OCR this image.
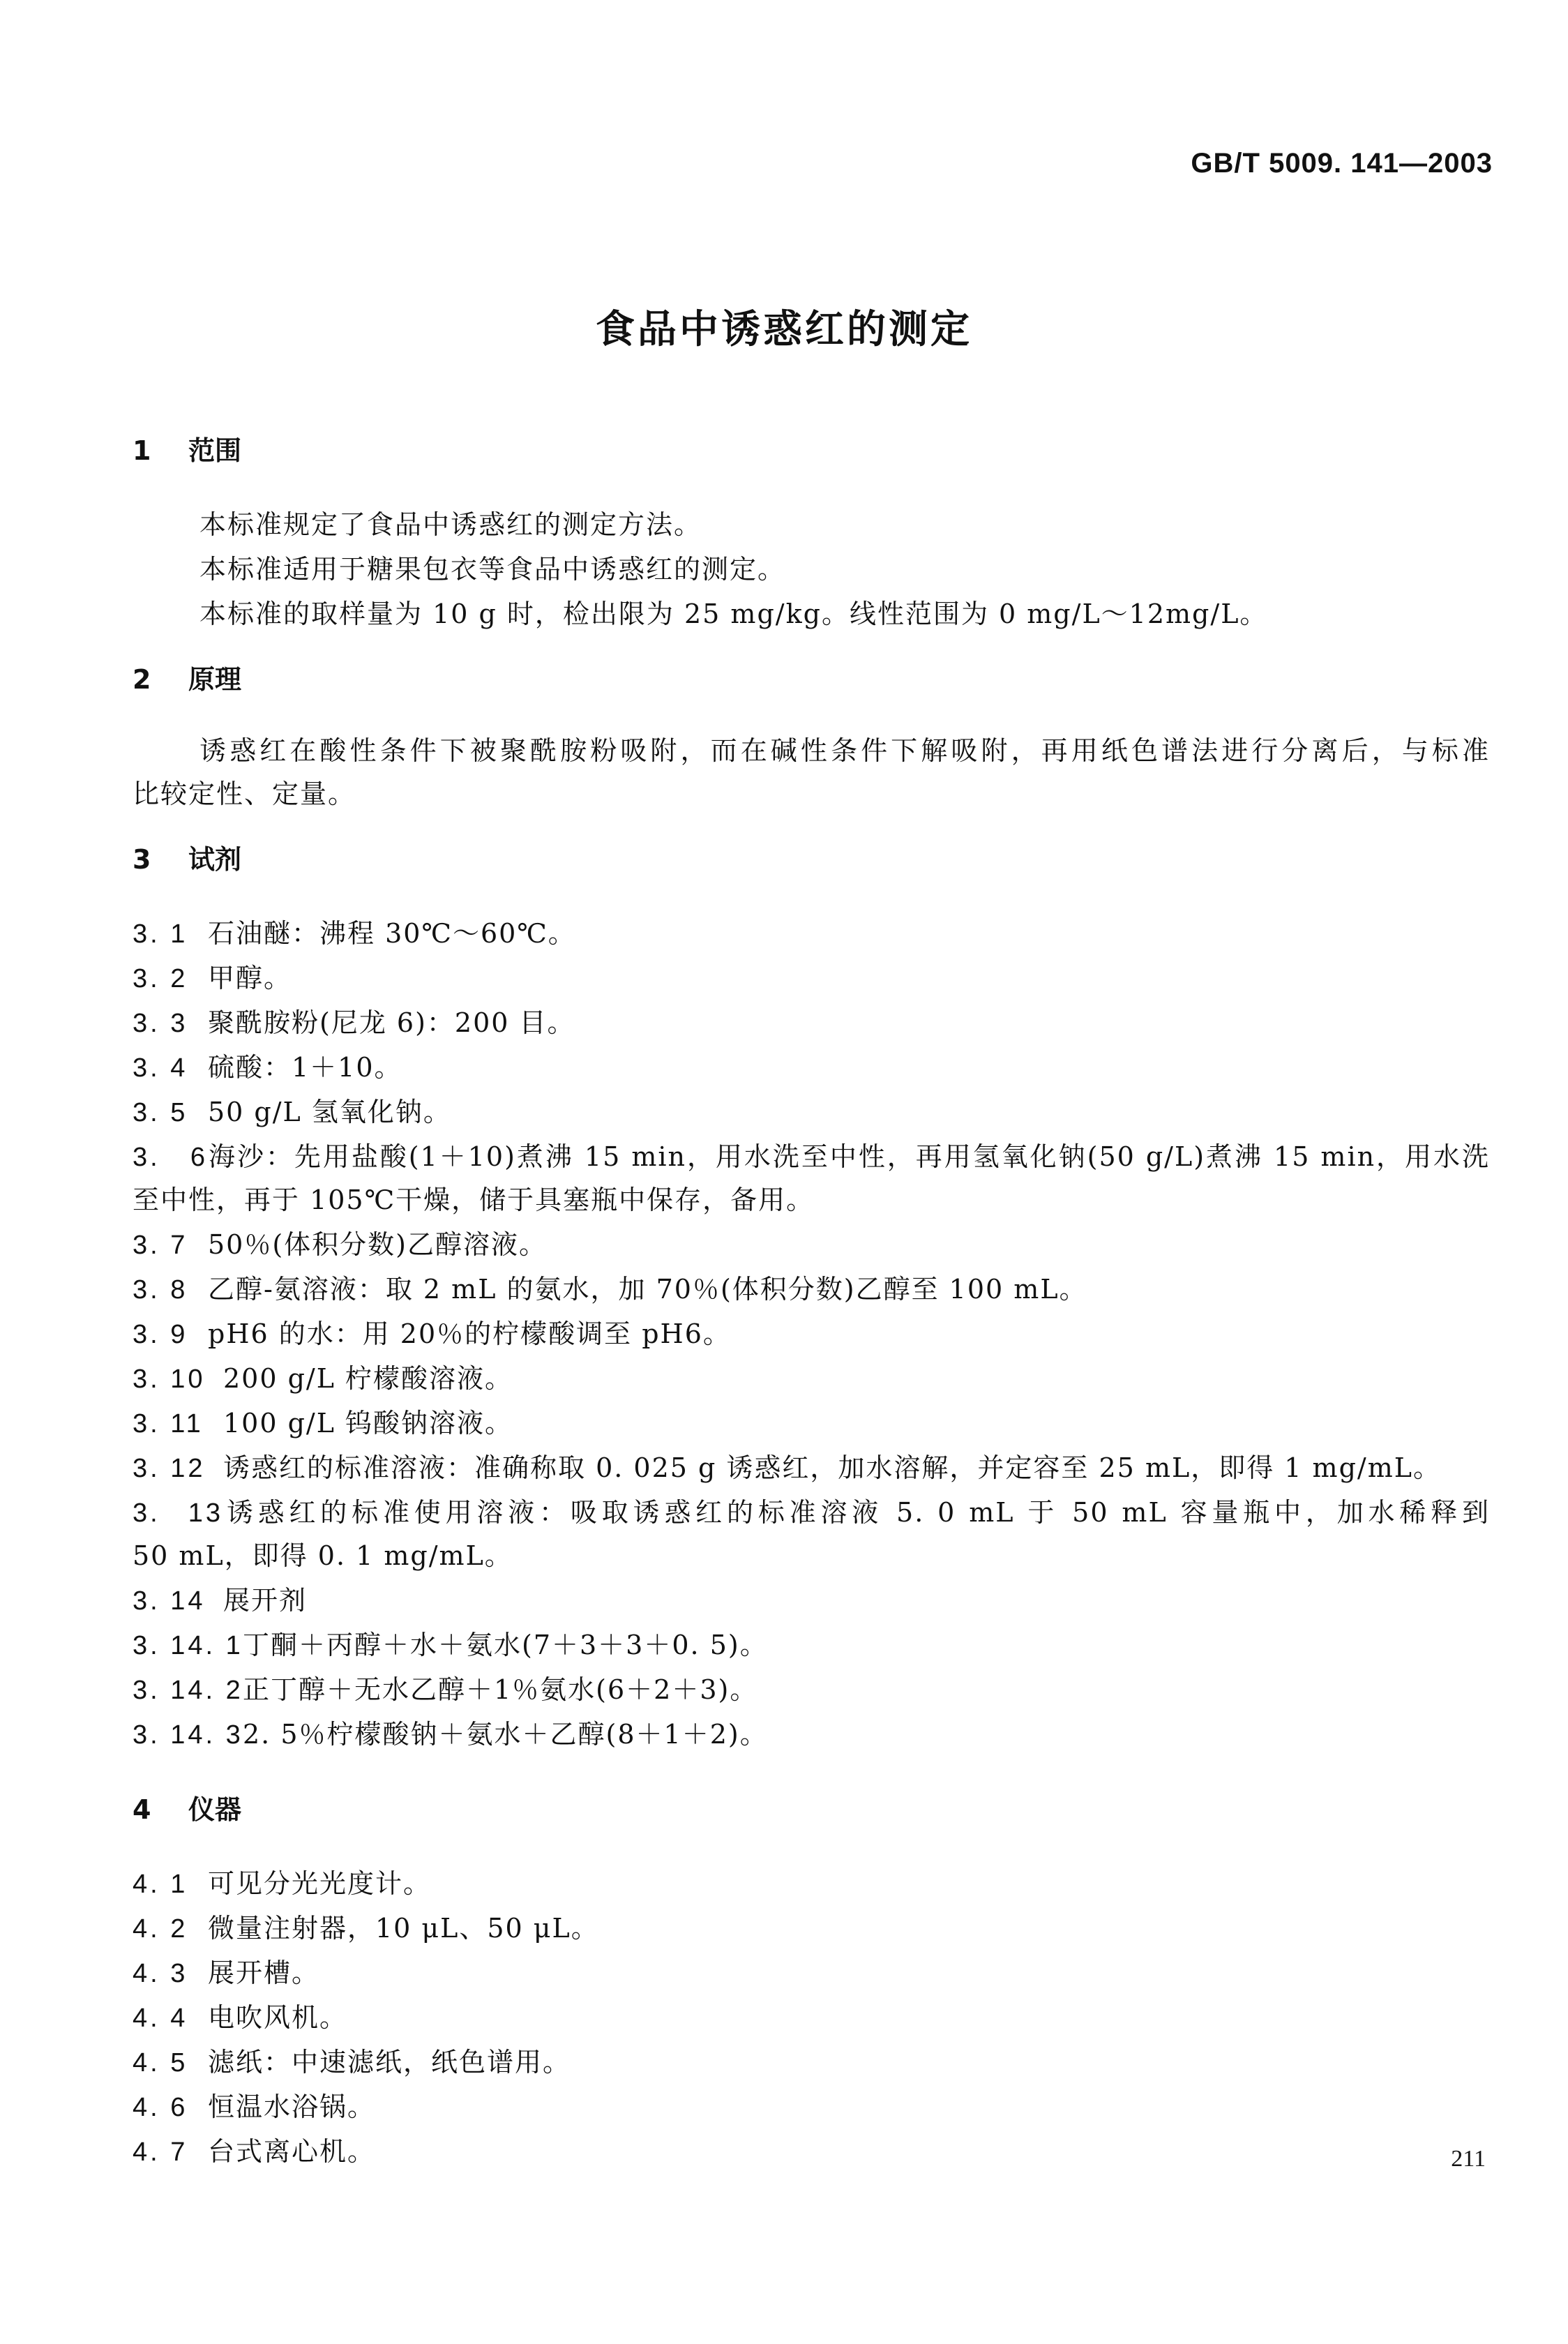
GB/T 5009. 141—2003
食品中诱惑红的测定
1 范围
本标准规定了食品中诱惑红的测定方法。
本标准适用于糖果包衣等食品中诱惑红的测定。
本标准的取样量为 10 g 时，检出限为 25 mg/kg。线性范围为 0 mg/L～12mg/L。
2 原理
诱惑红在酸性条件下被聚酰胺粉吸附，而在碱性条件下解吸附，再用纸色谱法进行分离后，与标准
比较定性、定量。
3 试剂
3. 1 石油醚：沸程 30℃～60℃。
3. 2 甲醇。
3. 3 聚酰胺粉(尼龙 6)：200 目。
3. 4 硫酸：1＋10。
3. 5 50 g/L 氢氧化钠。
3. 6海沙：先用盐酸(1＋10)煮沸 15 min，用水洗至中性，再用氢氧化钠(50 g/L)煮沸 15 min，用水洗
至中性，再于 105℃干燥，储于具塞瓶中保存，备用。
3. 7 50％(体积分数)乙醇溶液。
3. 8 乙醇-氨溶液：取 2 mL 的氨水，加 70％(体积分数)乙醇至 100 mL。
3. 9 pH6 的水：用 20％的柠檬酸调至 pH6。
3. 10 200 g/L 柠檬酸溶液。
3. 11 100 g/L 钨酸钠溶液。
3. 12 诱惑红的标准溶液：准确称取 0. 025 g 诱惑红，加水溶解，并定容至 25 mL，即得 1 mg/mL。
3. 13诱惑红的标准使用溶液：吸取诱惑红的标准溶液 5. 0 mL 于 50 mL 容量瓶中，加水稀释到
50 mL，即得 0. 1 mg/mL。
3. 14 展开剂
3. 14. 1丁酮＋丙醇＋水＋氨水(7＋3＋3＋0. 5)。
3. 14. 2正丁醇＋无水乙醇＋1％氨水(6＋2＋3)。
3. 14. 32. 5％柠檬酸钠＋氨水＋乙醇(8＋1＋2)。
4 仪器
4. 1 可见分光光度计。
4. 2 微量注射器，10 μL、50 μL。
4. 3 展开槽。
4. 4 电吹风机。
4. 5 滤纸：中速滤纸，纸色谱用。
4. 6 恒温水浴锅。
4. 7 台式离心机。	211
